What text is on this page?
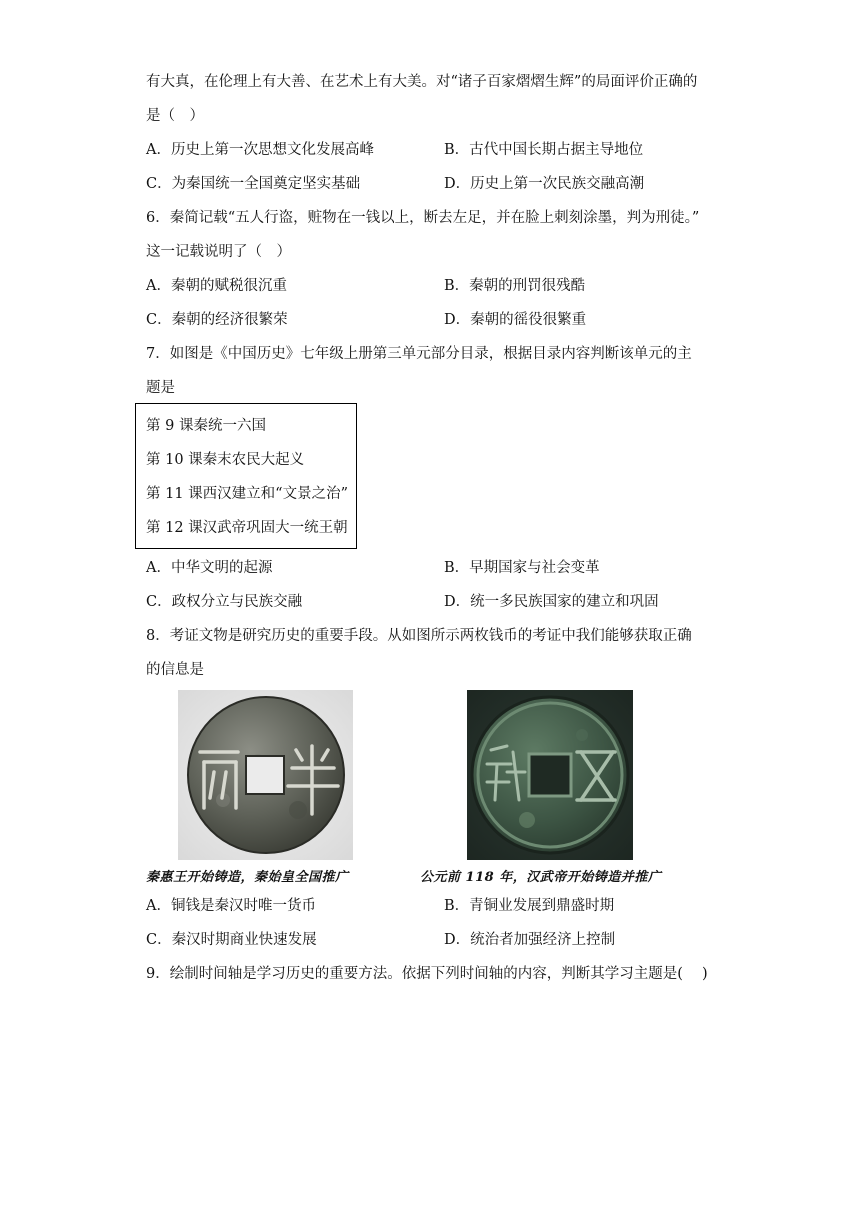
有大真，在伦理上有大善、在艺术上有大美。对“诸子百家熠熠生辉”的局面评价正确的
是（　）
A．历史上第一次思想文化发展高峰	B．古代中国长期占据主导地位
C．为秦国统一全国奠定坚实基础	D．历史上第一次民族交融高潮
6．秦简记载“五人行盗，赃物在一钱以上，断去左足，并在脸上刺刻涂墨，判为刑徒。”
这一记载说明了（　）
A．秦朝的赋税很沉重	B．秦朝的刑罚很残酷
C．秦朝的经济很繁荣	D．秦朝的徭役很繁重
7．如图是《中国历史》七年级上册第三单元部分目录，根据目录内容判断该单元的主
题是
第 9 课秦统一六国
第 10 课秦末农民大起义
第 11 课西汉建立和“文景之治”
第 12 课汉武帝巩固大一统王朝
A．中华文明的起源	B．早期国家与社会变革
C．政权分立与民族交融	D．统一多民族国家的建立和巩固
8．考证文物是研究历史的重要手段。从如图所示两枚钱币的考证中我们能够获取正确
的信息是
秦惠王开始铸造，秦始皇全国推广	公元前 118 年，汉武帝开始铸造并推广
A．铜钱是秦汉时唯一货币	B．青铜业发展到鼎盛时期
C．秦汉时期商业快速发展	D．统治者加强经济上控制
9．绘制时间轴是学习历史的重要方法。依据下列时间轴的内容，判断其学习主题是(　 )
